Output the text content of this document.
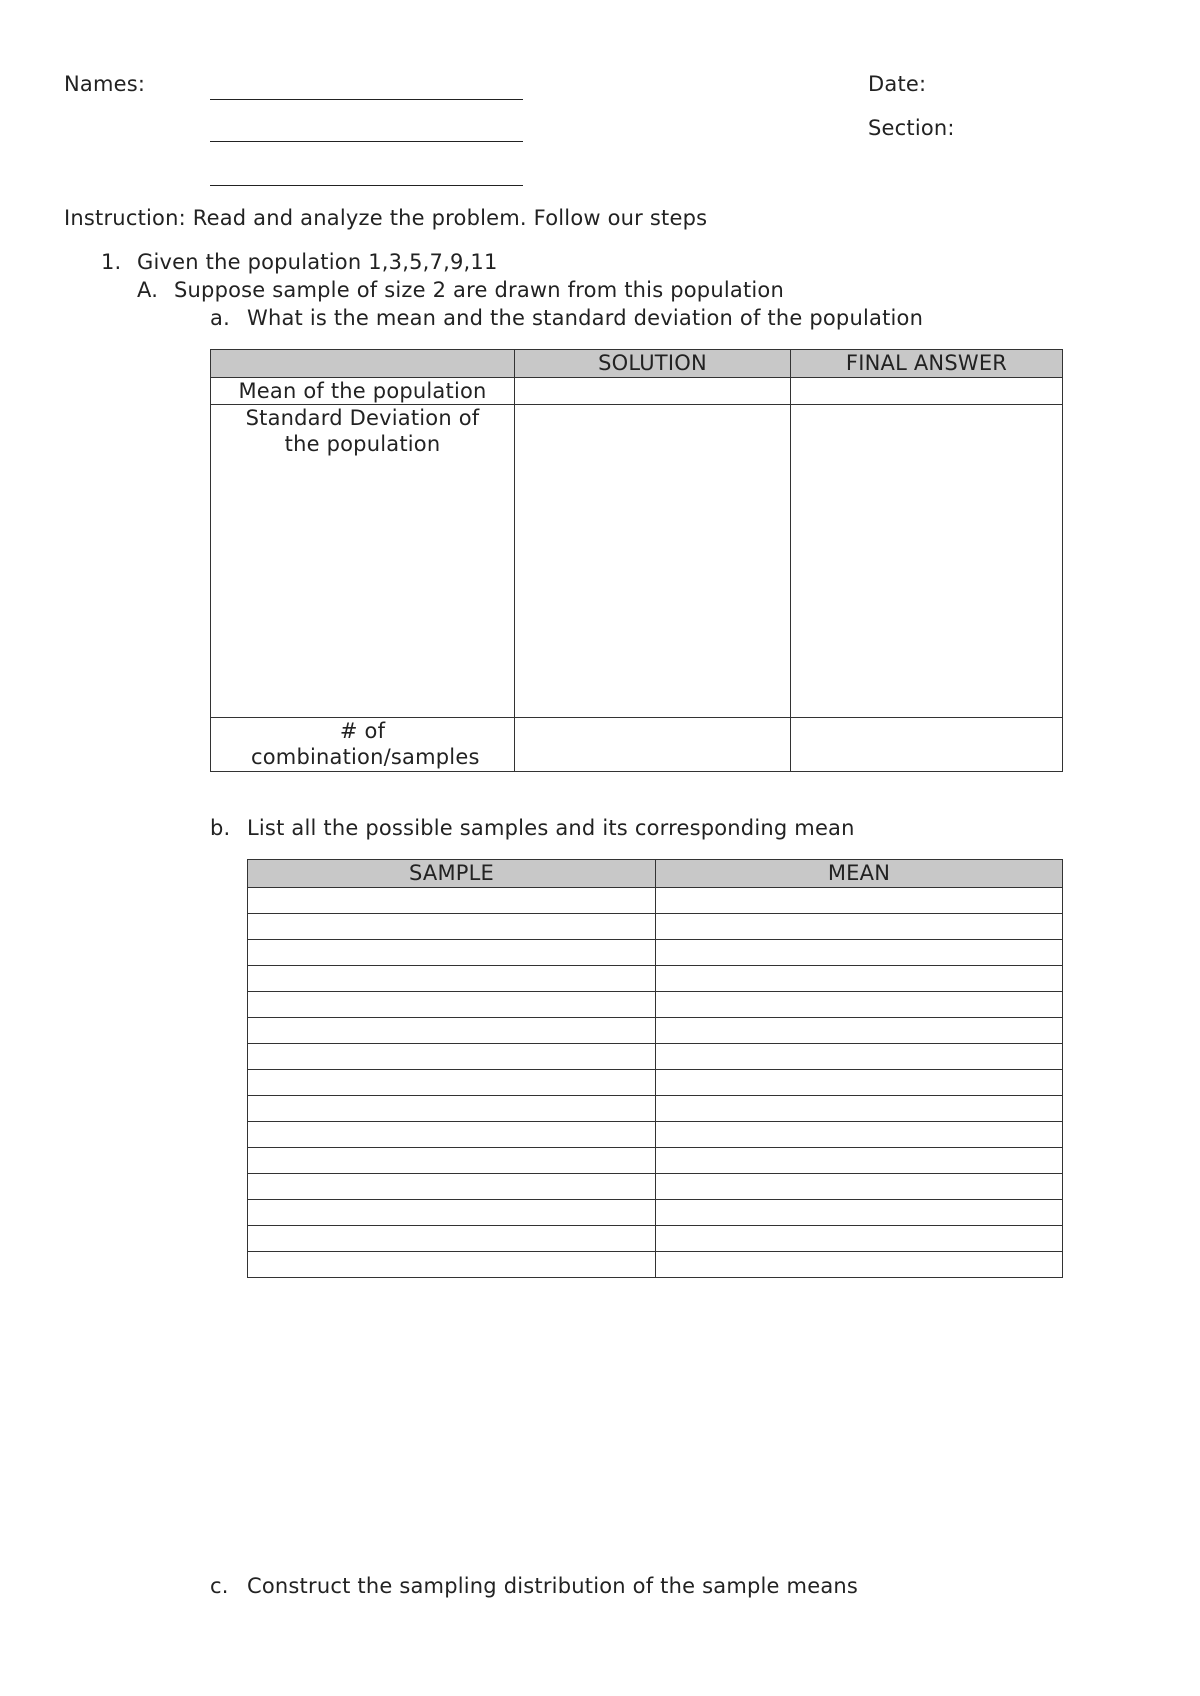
Names:	Date:
Section:
Instruction: Read and analyze the problem. Follow our steps
1. Given the population 1,3,5,7,9,11
A. Suppose sample of size 2 are drawn from this population
a. What is the mean and the standard deviation of the population
	SOLUTION	FINAL ANSWER
Mean of the population		
Standard Deviation of the population		
# of combination/samples		
b. List all the possible samples and its corresponding mean
SAMPLE	MEAN

c. Construct the sampling distribution of the sample means
